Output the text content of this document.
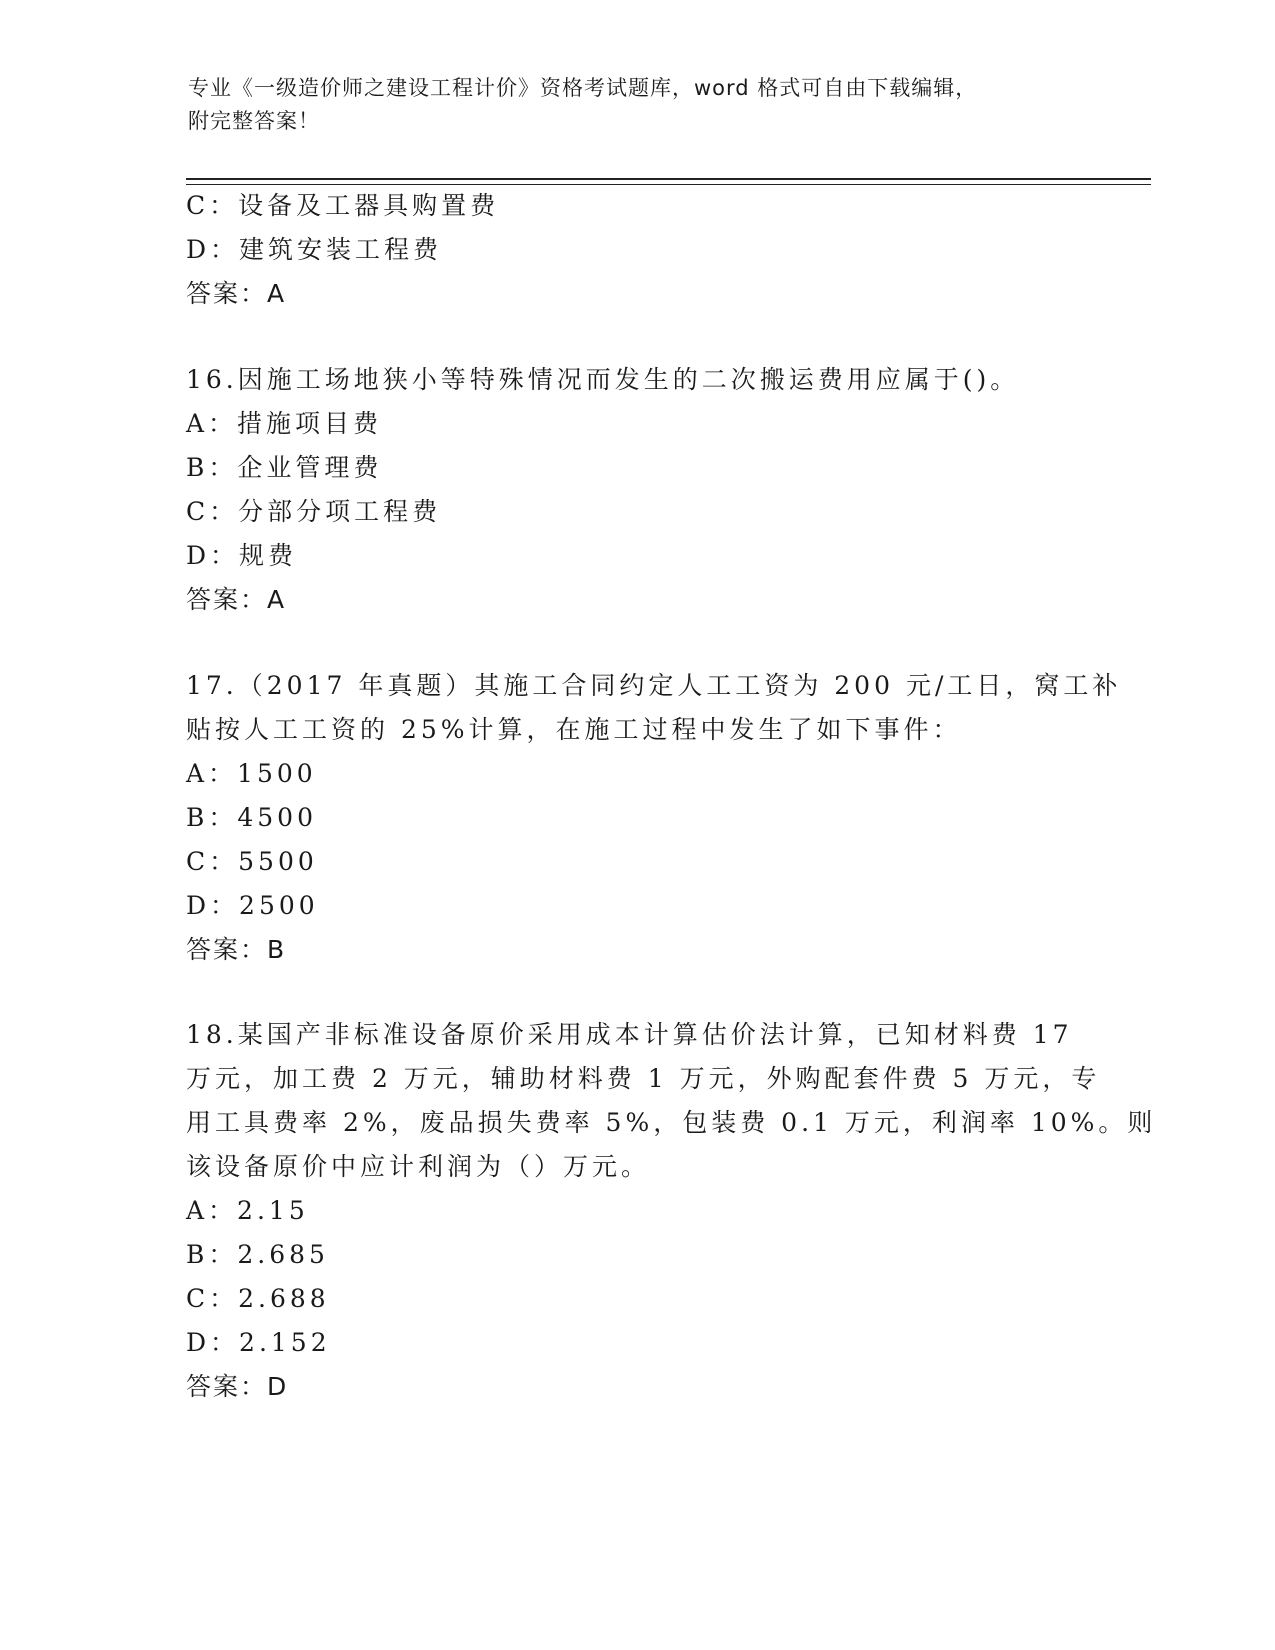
专业《一级造价师之建设工程计价》资格考试题库，word 格式可自由下载编辑，
附完整答案！
C：设备及工器具购置费
D：建筑安装工程费
答案：A
16.因施工场地狭小等特殊情况而发生的二次搬运费用应属于()。
A：措施项目费
B：企业管理费
C：分部分项工程费
D：规费
答案：A
17.（2017 年真题）其施工合同约定人工工资为 200 元/工日，窝工补
贴按人工工资的 25%计算，在施工过程中发生了如下事件：
A：1500
B：4500
C：5500
D：2500
答案：B
18.某国产非标准设备原价采用成本计算估价法计算，已知材料费 17
万元，加工费 2 万元，辅助材料费 1 万元，外购配套件费 5 万元，专
用工具费率 2%，废品损失费率 5%，包装费 0.1 万元，利润率 10%。则
该设备原价中应计利润为（）万元。
A：2.15
B：2.685
C：2.688
D：2.152
答案：D
